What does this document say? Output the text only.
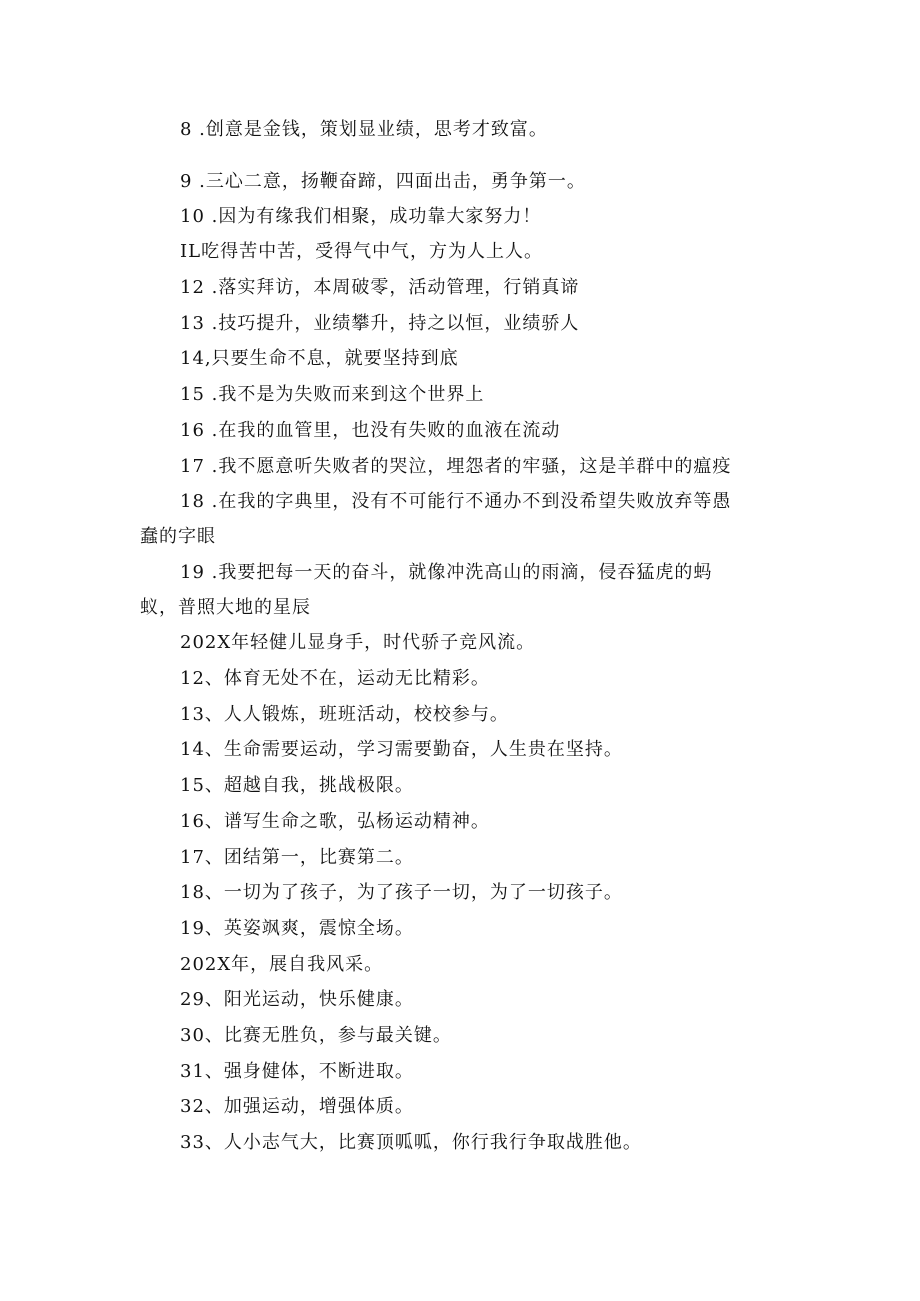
8 .创意是金钱，策划显业绩，思考才致富。
9 .三心二意，扬鞭奋蹄，四面出击，勇争第一。
10 .因为有缘我们相聚，成功靠大家努力！
IL吃得苦中苦，受得气中气，方为人上人。
12 .落实拜访，本周破零，活动管理，行销真谛
13 .技巧提升，业绩攀升，持之以恒，业绩骄人
14,只要生命不息，就要坚持到底
15 .我不是为失败而来到这个世界上
16 .在我的血管里，也没有失败的血液在流动
17 .我不愿意听失败者的哭泣，埋怨者的牢骚，这是羊群中的瘟疫
18 .在我的字典里，没有不可能行不通办不到没希望失败放弃等愚
蠢的字眼
19 .我要把每一天的奋斗，就像冲洗高山的雨滴，侵吞猛虎的蚂
蚁，普照大地的星辰
202X年轻健儿显身手，时代骄子竞风流。
12、体育无处不在，运动无比精彩。
13、人人锻炼，班班活动，校校参与。
14、生命需要运动，学习需要勤奋，人生贵在坚持。
15、超越自我，挑战极限。
16、谱写生命之歌，弘杨运动精神。
17、团结第一，比赛第二。
18、一切为了孩子，为了孩子一切，为了一切孩子。
19、英姿飒爽，震惊全场。
202X年，展自我风采。
29、阳光运动，快乐健康。
30、比赛无胜负，参与最关键。
31、强身健体，不断进取。
32、加强运动，增强体质。
33、人小志气大，比赛顶呱呱，你行我行争取战胜他。
